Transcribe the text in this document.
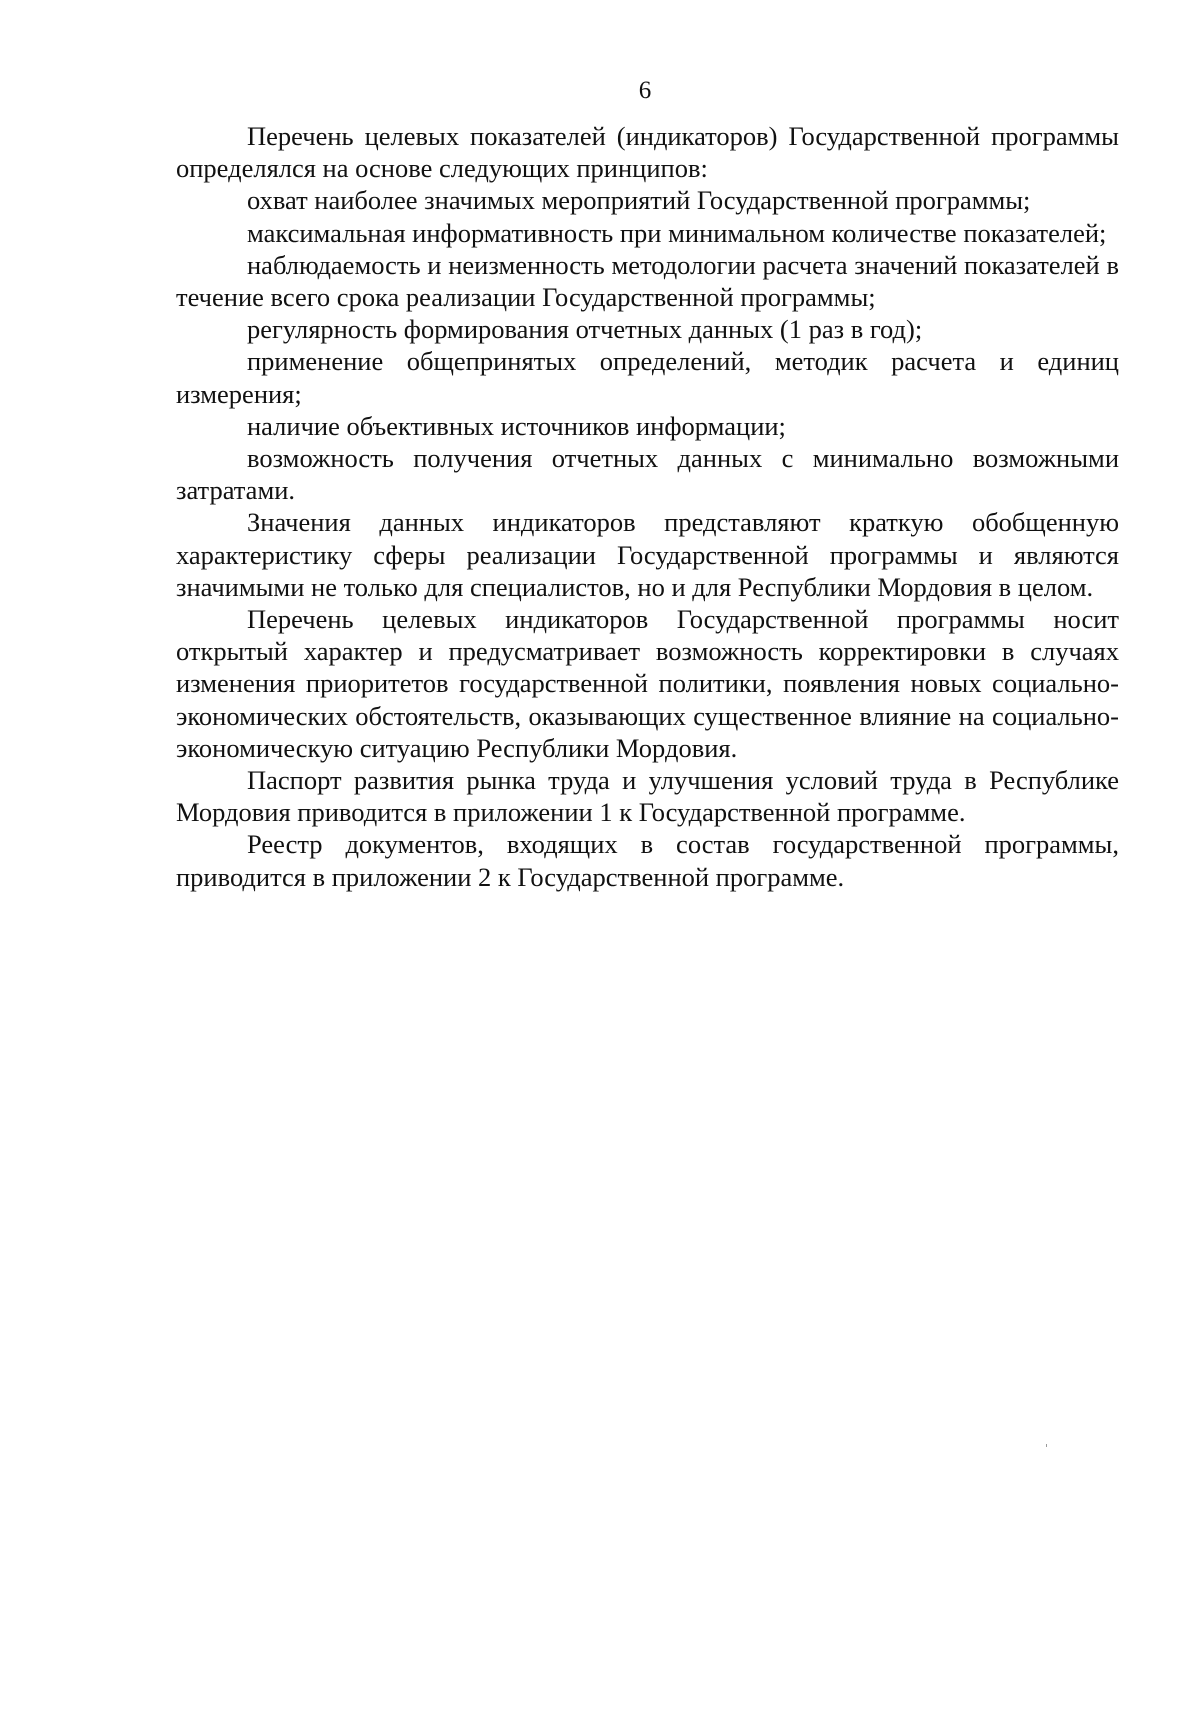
6

Перечень целевых показателей (индикаторов) Государственной программы определялся на основе следующих принципов:

охват наиболее значимых мероприятий Государственной программы;

максимальная информативность при минимальном количестве показателей;

наблюдаемость и неизменность методологии расчета значений показателей в течение всего срока реализации Государственной программы;

регулярность формирования отчетных данных (1 раз в год);

применение общепринятых определений, методик расчета и единиц измерения;

наличие объективных источников информации;

возможность получения отчетных данных с минимально возможными затратами.

Значения данных индикаторов представляют краткую обобщенную характеристику сферы реализации Государственной программы и являются значимыми не только для специалистов, но и для Республики Мордовия в целом.

Перечень целевых индикаторов Государственной программы носит открытый характер и предусматривает возможность корректировки в случаях изменения приоритетов государственной политики, появления новых социально-экономических обстоятельств, оказывающих существенное влияние на социально-экономическую ситуацию Республики Мордовия.

Паспорт развития рынка труда и улучшения условий труда в Республике Мордовия приводится в приложении 1 к Государственной программе.

Реестр документов, входящих в состав государственной программы, приводится в приложении 2 к Государственной программе.
